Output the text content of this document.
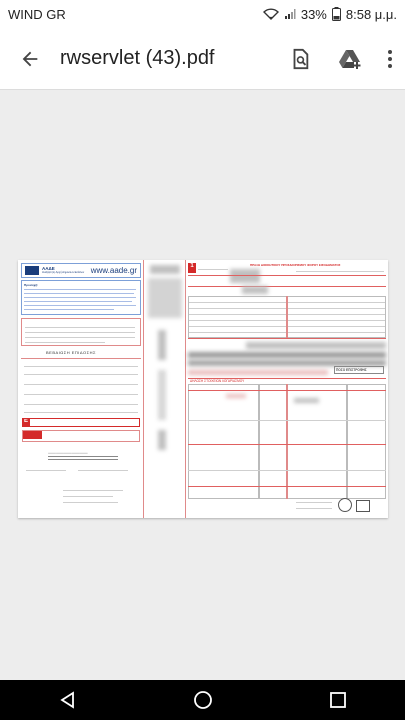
WIND GR	33% 8:58 μ.μ.
rwservlet (43).pdf
ΑΑΔΕ
Ανεξάρτητη Αρχή Δημοσίων Εσόδων www.aade.gr
Προσοχή:
ΒΕΒΑΙΩΣΗ ΕΠΙΔΟΣΗΣ
Ε
⸻⸻⸻⸻⸻
1	ΠΡΑΞΗ ΔΙΟΙΚΗΤΙΚΟΥ ΠΡΟΣΔΙΟΡΙΣΜΟΥ ΦΟΡΟΥ ΕΙΣΟΔΗΜΑΤΟΣ
ΠΟΣΟ ΕΠΙΣΤΡΟΦΗΣ
ΔΗΛΩΣΗ ΣΤΟΙΧΕΙΩΝ ΛΟΓΑΡΙΑΣΜΟΥ
